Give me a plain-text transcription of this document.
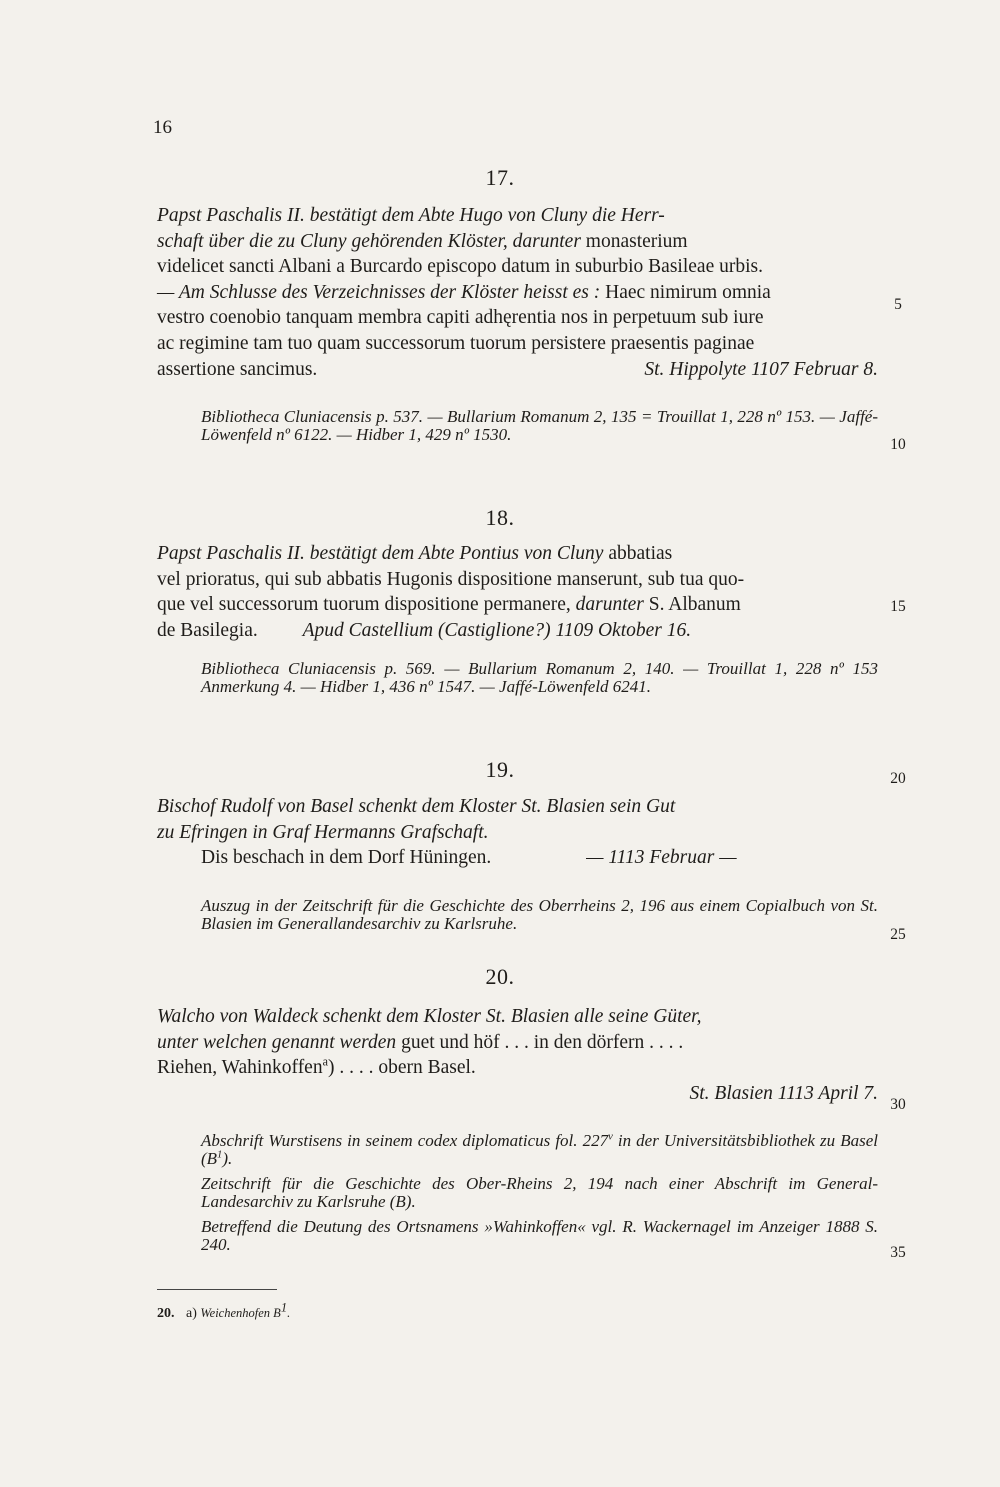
16
17.
Papst Paschalis II. bestätigt dem Abte Hugo von Cluny die Herr-
schaft über die zu Cluny gehörenden Klöster, darunter monasterium
videlicet sancti Albani a Burcardo episcopo datum in suburbio Basileae urbis.
— Am Schlusse des Verzeichnisses der Klöster heisst es : Haec nimirum omnia
vestro coenobio tanquam membra capiti adhęrentia nos in perpetuum sub iure
ac regimine tam tuo quam successorum tuorum persistere praesentis paginae
assertione sancimus.	St. Hippolyte 1107 Februar 8.
Bibliotheca Cluniacensis p. 537. — Bullarium Romanum 2, 135 = Trouillat 1, 228 nº 153. — Jaffé-Löwenfeld nº 6122. — Hidber 1, 429 nº 1530.
18.
Papst Paschalis II. bestätigt dem Abte Pontius von Cluny abbatias
vel prioratus, qui sub abbatis Hugonis dispositione manserunt, sub tua quo-
que vel successorum tuorum dispositione permanere, darunter S. Albanum
de Basilegia. Apud Castellium (Castiglione?) 1109 Oktober 16.
Bibliotheca Cluniacensis p. 569. — Bullarium Romanum 2, 140. — Trouillat 1, 228 nº 153 Anmerkung 4. — Hidber 1, 436 nº 1547. — Jaffé-Löwenfeld 6241.
19.
Bischof Rudolf von Basel schenkt dem Kloster St. Blasien sein Gut
zu Efringen in Graf Hermanns Grafschaft.
Dis beschach in dem Dorf Hüningen.	— 1113 Februar —
Auszug in der Zeitschrift für die Geschichte des Oberrheins 2, 196 aus einem Copialbuch von St. Blasien im Generallandesarchiv zu Karlsruhe.
20.
Walcho von Waldeck schenkt dem Kloster St. Blasien alle seine Güter,
unter welchen genannt werden guet und höf . . . in den dörfern . . . .
Riehen, Wahinkoffen$^a$) . . . . obern Basel.

St. Blasien 1113 April 7.
Abschrift Wurstisens in seinem codex diplomaticus fol. 227$^v$ in der Universitätsbibliothek zu Basel $(B^1)$.
Zeitschrift für die Geschichte des Ober-Rheins 2, 194 nach einer Abschrift im General-Landesarchiv zu Karlsruhe (B).
Betreffend die Deutung des Ortsnamens »Wahinkoffen« vgl. R. Wackernagel im Anzeiger 1888 S. 240.
5
10
15
20
25
30
35
20. a) Weichenhofen B$^1$.
